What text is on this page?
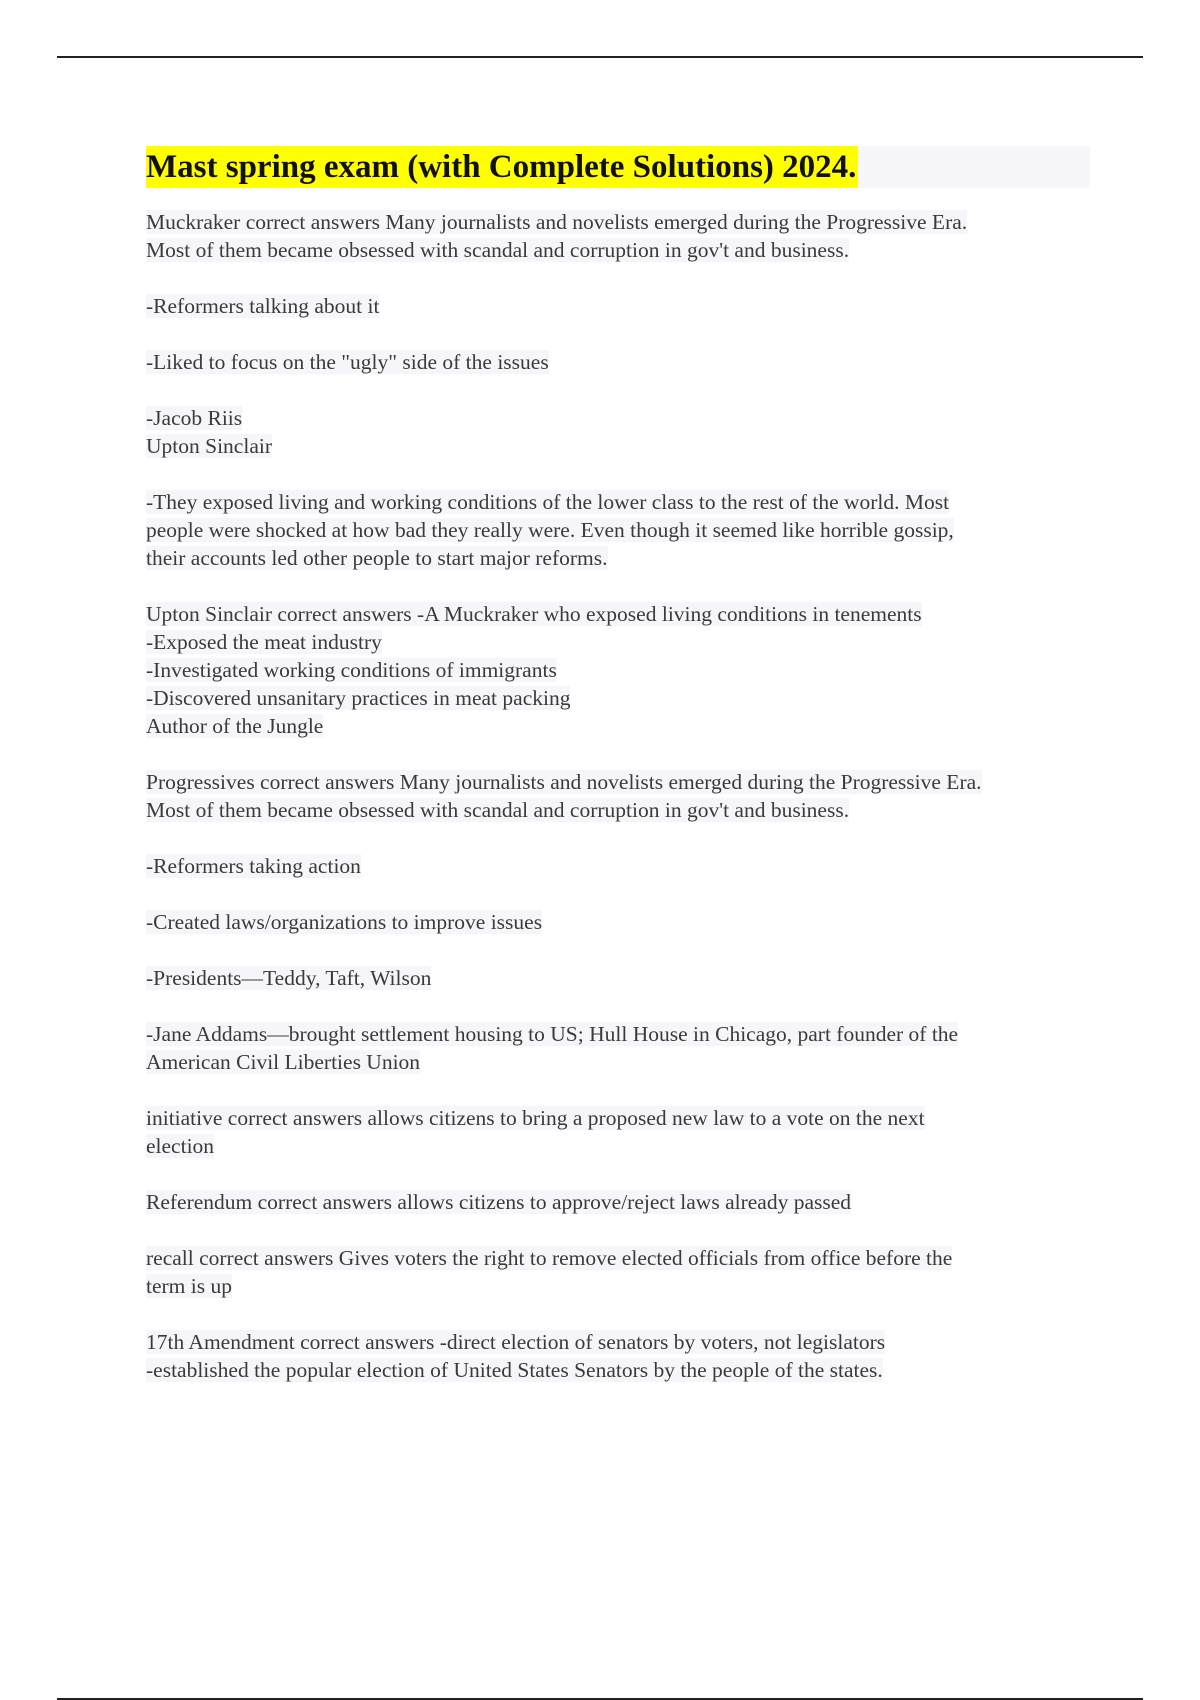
Mast spring exam (with Complete Solutions) 2024.
Muckraker correct answers Many journalists and novelists emerged during the Progressive Era.
Most of them became obsessed with scandal and corruption in gov't and business.
-Reformers talking about it
-Liked to focus on the "ugly" side of the issues
-Jacob Riis
Upton Sinclair
-They exposed living and working conditions of the lower class to the rest of the world. Most
people were shocked at how bad they really were. Even though it seemed like horrible gossip,
their accounts led other people to start major reforms.
Upton Sinclair correct answers -A Muckraker who exposed living conditions in tenements
-Exposed the meat industry
-Investigated working conditions of immigrants
-Discovered unsanitary practices in meat packing
Author of the Jungle
Progressives correct answers Many journalists and novelists emerged during the Progressive Era.
Most of them became obsessed with scandal and corruption in gov't and business.
-Reformers taking action
-Created laws/organizations to improve issues
-Presidents—Teddy, Taft, Wilson
-Jane Addams—brought settlement housing to US; Hull House in Chicago, part founder of the
American Civil Liberties Union
initiative correct answers allows citizens to bring a proposed new law to a vote on the next
election
Referendum correct answers allows citizens to approve/reject laws already passed
recall correct answers Gives voters the right to remove elected officials from office before the
term is up
17th Amendment correct answers -direct election of senators by voters, not legislators
-established the popular election of United States Senators by the people of the states.
